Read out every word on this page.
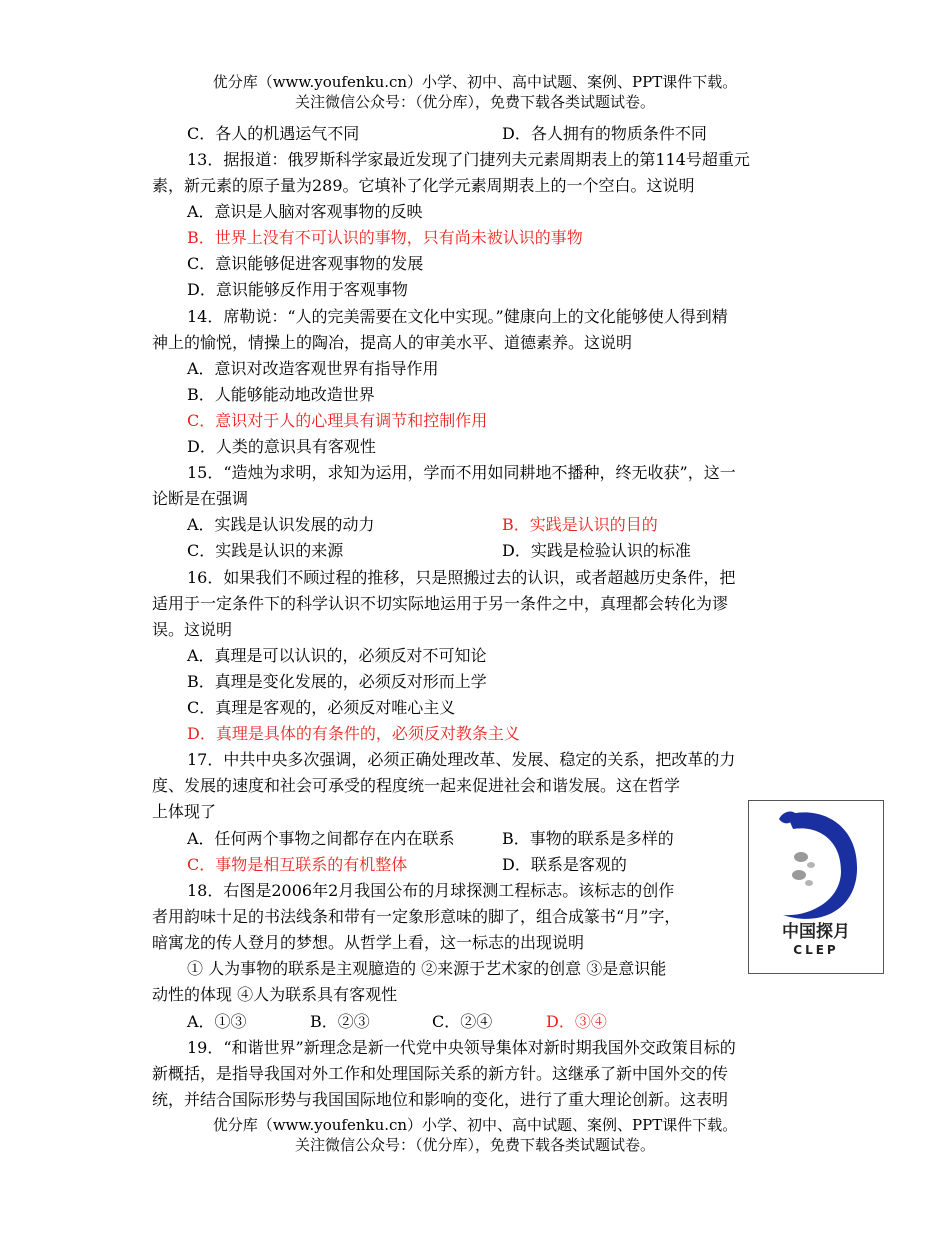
优分库（www.youfenku.cn）小学、初中、高中试题、案例、PPT课件下载。
关注微信公众号：（优分库），免费下载各类试题试卷。
C．各人的机遇运气不同	D．各人拥有的物质条件不同
13．据报道：俄罗斯科学家最近发现了门捷列夫元素周期表上的第114号超重元
素，新元素的原子量为289。它填补了化学元素周期表上的一个空白。这说明
A．意识是人脑对客观事物的反映
B．世界上没有不可认识的事物，只有尚未被认识的事物
C．意识能够促进客观事物的发展
D．意识能够反作用于客观事物
14．席勒说：“人的完美需要在文化中实现。”健康向上的文化能够使人得到精
神上的愉悦，情操上的陶冶，提高人的审美水平、道德素养。这说明
A．意识对改造客观世界有指导作用
B．人能够能动地改造世界
C．意识对于人的心理具有调节和控制作用
D．人类的意识具有客观性
15．“造烛为求明，求知为运用，学而不用如同耕地不播种，终无收获”，这一
论断是在强调
A．实践是认识发展的动力	B．实践是认识的目的
C．实践是认识的来源	D．实践是检验认识的标准
16．如果我们不顾过程的推移，只是照搬过去的认识，或者超越历史条件，把
适用于一定条件下的科学认识不切实际地运用于另一条件之中，真理都会转化为谬
误。这说明
A．真理是可以认识的，必须反对不可知论
B．真理是变化发展的，必须反对形而上学
C．真理是客观的，必须反对唯心主义
D．真理是具体的有条件的，必须反对教条主义
17．中共中央多次强调，必须正确处理改革、发展、稳定的关系，把改革的力
度、发展的速度和社会可承受的程度统一起来促进社会和谐发展。这在哲学
上体现了
A．任何两个事物之间都存在内在联系	B．事物的联系是多样的
C．事物是相互联系的有机整体	D．联系是客观的
18．右图是2006年2月我国公布的月球探测工程标志。该标志的创作
者用韵味十足的书法线条和带有一定象形意味的脚了，组合成篆书“月”字，
暗寓龙的传人登月的梦想。从哲学上看，这一标志的出现说明
① 人为事物的联系是主观臆造的 ②来源于艺术家的创意 ③是意识能
动性的体现 ④人为联系具有客观性
A．①③	B．②③	C．②④	D．③④
19．“和谐世界”新理念是新一代党中央领导集体对新时期我国外交政策目标的
新概括，是指导我国对外工作和处理国际关系的新方针。这继承了新中国外交的传
统，并结合国际形势与我国国际地位和影响的变化，进行了重大理论创新。这表明
优分库（www.youfenku.cn）小学、初中、高中试题、案例、PPT课件下载。
关注微信公众号：（优分库），免费下载各类试题试卷。
中国探月
CLEP
